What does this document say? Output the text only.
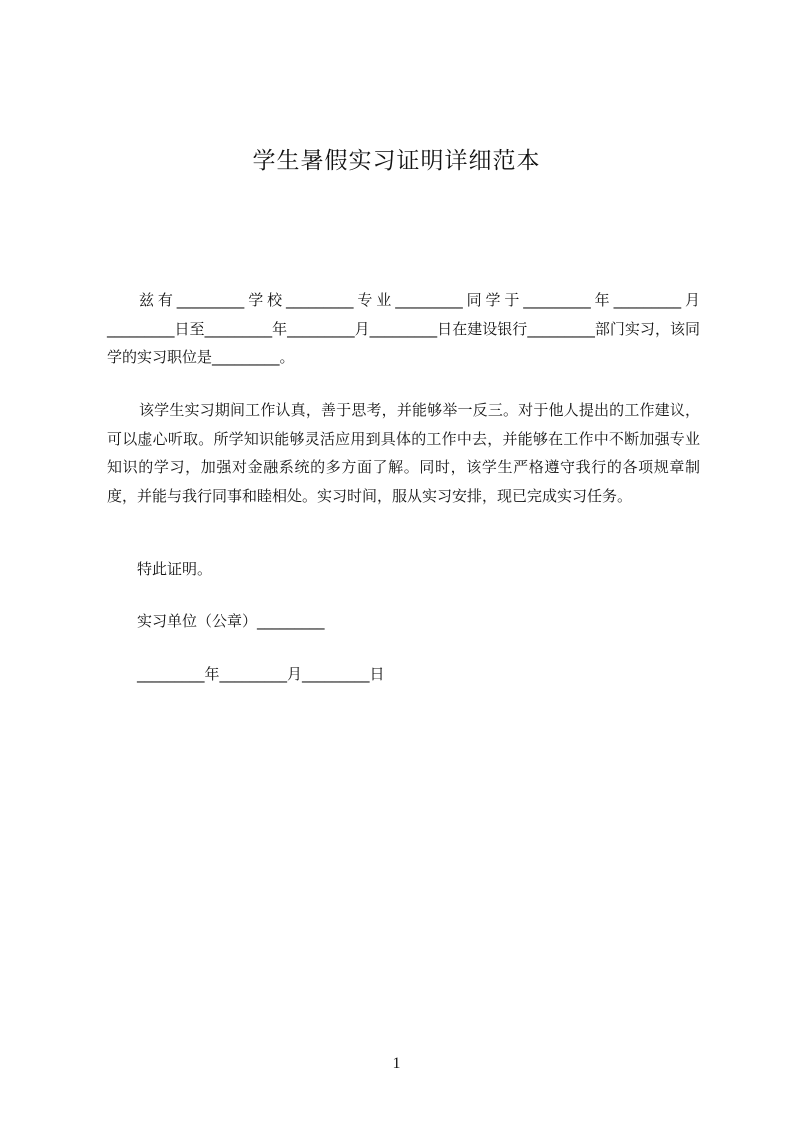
学生暑假实习证明详细范本

兹有_________学校_________专业_________同学于_________年_________月_________日至_________年_________月_________日在建设银行_________部门实习，该同学的实习职位是_________。

该学生实习期间工作认真，善于思考，并能够举一反三。对于他人提出的工作建议，可以虚心听取。所学知识能够灵活应用到具体的工作中去，并能够在工作中不断加强专业知识的学习，加强对金融系统的多方面了解。同时，该学生严格遵守我行的各项规章制度，并能与我行同事和睦相处。实习时间，服从实习安排，现已完成实习任务。

特此证明。

实习单位（公章）_________

_________年_________月_________日

1
